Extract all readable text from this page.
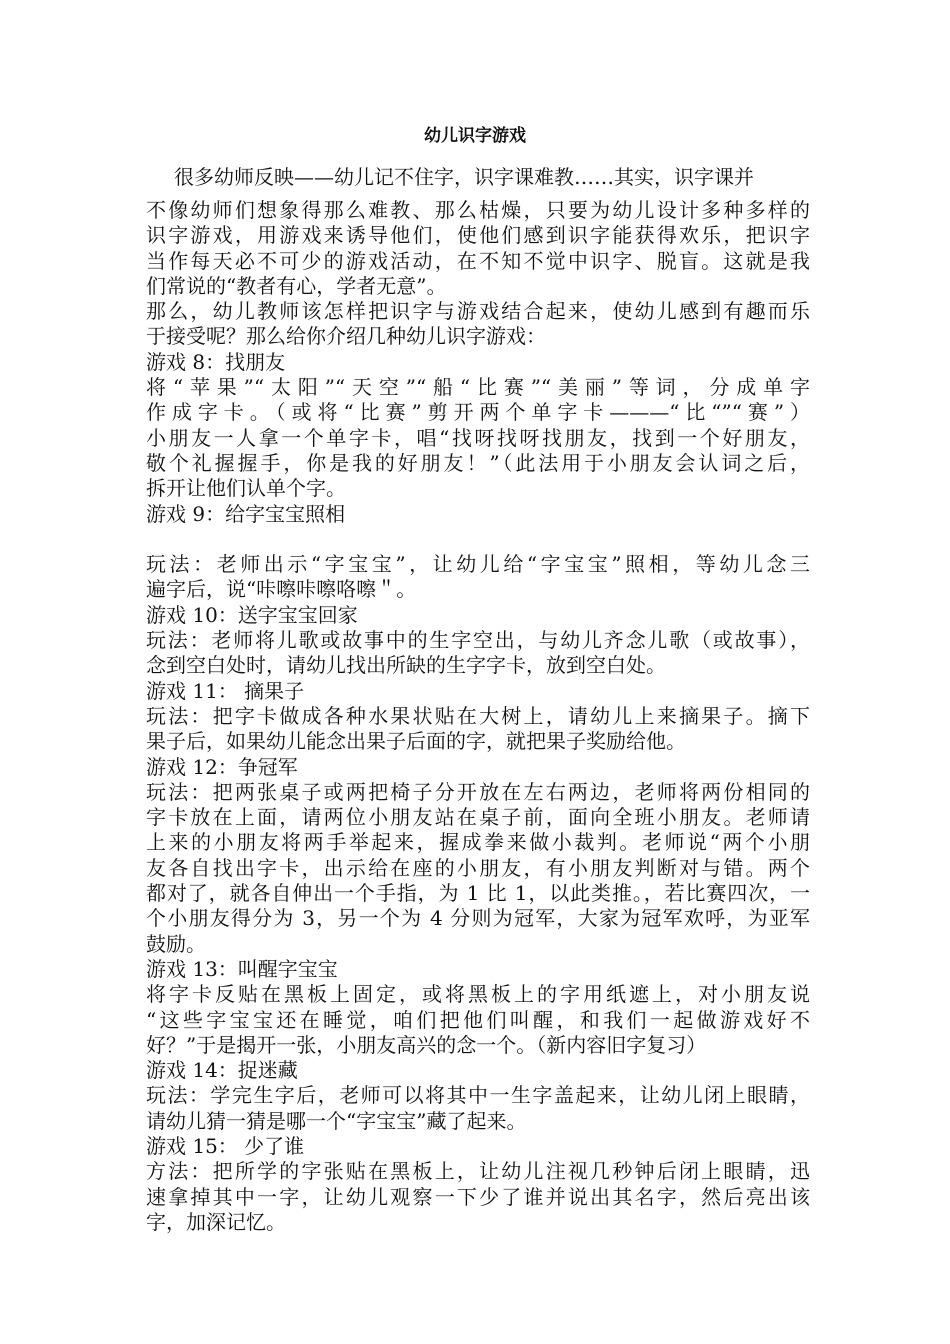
幼儿识字游戏

很多幼师反映——幼儿记不住字，识字课难教……其实，识字课并

不像幼师们想象得那么难教、那么枯燥，只要为幼儿设计多种多样的
识字游戏，用游戏来诱导他们，使他们感到识字能获得欢乐，把识字
当作每天必不可少的游戏活动，在不知不觉中识字、脱盲。这就是我
们常说的“教者有心，学者无意”。
那么，幼儿教师该怎样把识字与游戏结合起来，使幼儿感到有趣而乐
于接受呢？那么给你介绍几种幼儿识字游戏：
游戏 8：找朋友
将“苹果”“太阳”“天空”“船“比赛”“美丽”等词，分成单字
作成字卡。（或将“比赛”剪开两个单字卡———“比“”“赛”）
小朋友一人拿一个单字卡，唱“找呀找呀找朋友，找到一个好朋友，
敬个礼握握手，你是我的好朋友！”（此法用于小朋友会认词之后，
拆开让他们认单个字。
游戏 9：给字宝宝照相
玩法：老师出示“字宝宝”，让幼儿给“字宝宝”照相，等幼儿念三
遍字后，说“咔嚓咔嚓咯嚓＂。
游戏 10：送字宝宝回家
玩法：老师将儿歌或故事中的生字空出，与幼儿齐念儿歌（或故事），
念到空白处时，请幼儿找出所缺的生字字卡，放到空白处。
游戏 11： 摘果子
玩法：把字卡做成各种水果状贴在大树上，请幼儿上来摘果子。摘下
果子后，如果幼儿能念出果子后面的字，就把果子奖励给他。
游戏 12：争冠军
玩法：把两张桌子或两把椅子分开放在左右两边，老师将两份相同的
字卡放在上面，请两位小朋友站在桌子前，面向全班小朋友。老师请
上来的小朋友将两手举起来，握成拳来做小裁判。老师说“两个小朋
友各自找出字卡，出示给在座的小朋友，有小朋友判断对与错。两个
都对了，就各自伸出一个手指，为 1 比 1，以此类推。，若比赛四次，一
个小朋友得分为 3，另一个为 4 分则为冠军，大家为冠军欢呼，为亚军
鼓励。
游戏 13：叫醒字宝宝
将字卡反贴在黑板上固定，或将黑板上的字用纸遮上，对小朋友说
“这些字宝宝还在睡觉，咱们把他们叫醒，和我们一起做游戏好不
好？”于是揭开一张，小朋友高兴的念一个。（新内容旧字复习）
游戏 14：捉迷藏
玩法：学完生字后，老师可以将其中一生字盖起来，让幼儿闭上眼睛，
请幼儿猜一猜是哪一个“字宝宝”藏了起来。
游戏 15： 少了谁
方法：把所学的字张贴在黑板上，让幼儿注视几秒钟后闭上眼睛，迅
速拿掉其中一字，让幼儿观察一下少了谁并说出其名字，然后亮出该
字，加深记忆。
